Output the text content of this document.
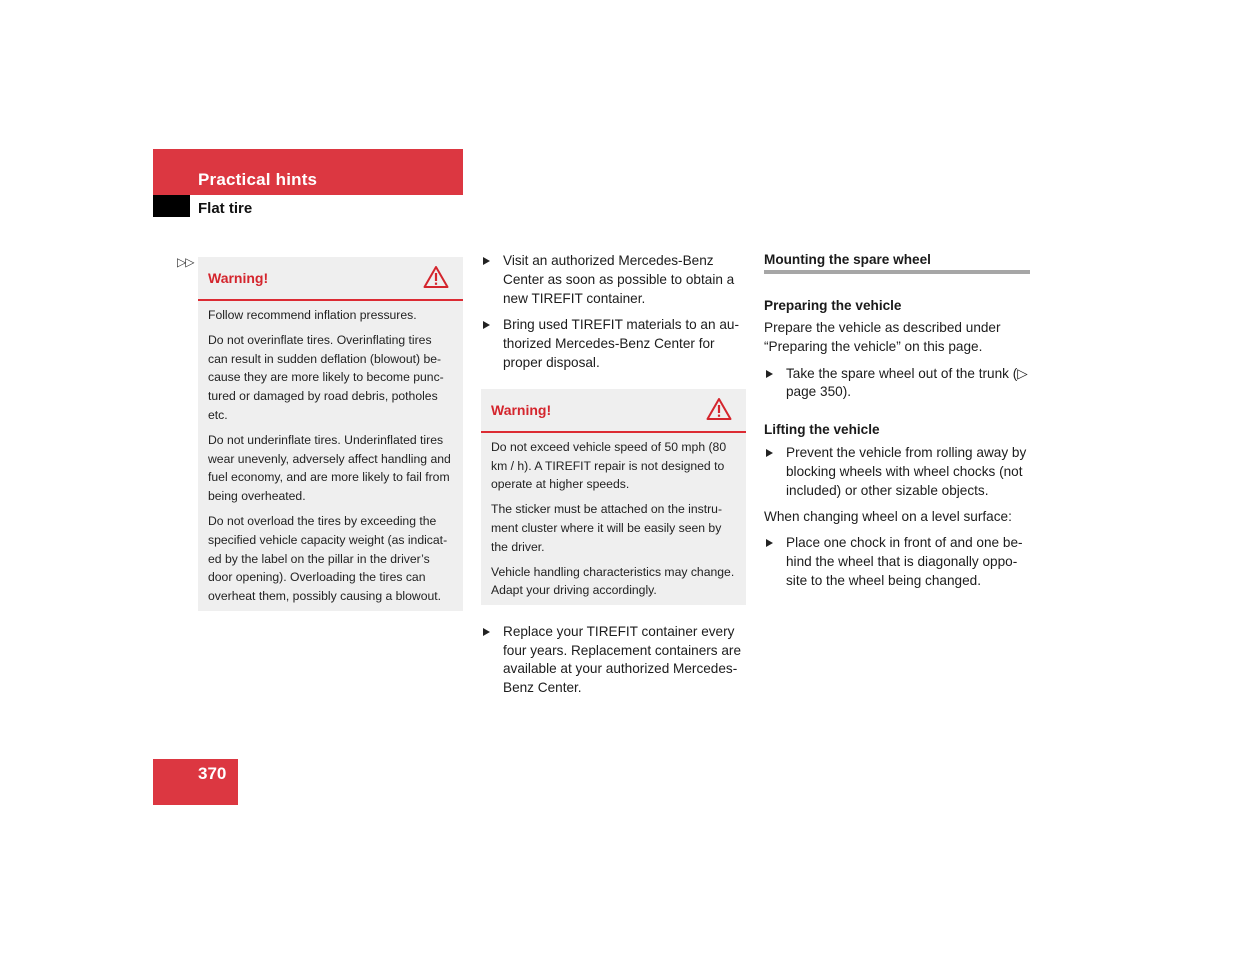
Practical hints
Flat tire
▷▷
Warning!

Follow recommend inflation pressures.

Do not overinflate tires. Overinflating tires can result in sudden deflation (blowout) be-cause they are more likely to become punc-tured or damaged by road debris, potholes etc.

Do not underinflate tires. Underinflated tires wear unevenly, adversely affect handling and fuel economy, and are more likely to fail from being overheated.

Do not overload the tires by exceeding the specified vehicle capacity weight (as indicat-ed by the label on the pillar in the driver’s door opening). Overloading the tires can overheat them, possibly causing a blowout.

Visit an authorized Mercedes-Benz Center as soon as possible to obtain a new TIREFIT container.
Bring used TIREFIT materials to an au-thorized Mercedes-Benz Center for proper disposal.
Warning!

Do not exceed vehicle speed of 50 mph (80 km / h). A TIREFIT repair is not designed to operate at higher speeds.

The sticker must be attached on the instru-ment cluster where it will be easily seen by the driver.

Vehicle handling characteristics may change. Adapt your driving accordingly.

Replace your TIREFIT container every four years. Replacement containers are available at your authorized Mercedes-Benz Center.
Mounting the spare wheel
Preparing the vehicle
Prepare the vehicle as described under “Preparing the vehicle” on this page.
Take the spare wheel out of the trunk (▷ page 350).
Lifting the vehicle
Prevent the vehicle from rolling away by blocking wheels with wheel chocks (not included) or other sizable objects.
When changing wheel on a level surface:
Place one chock in front of and one be-hind the wheel that is diagonally oppo-site to the wheel being changed.
370
